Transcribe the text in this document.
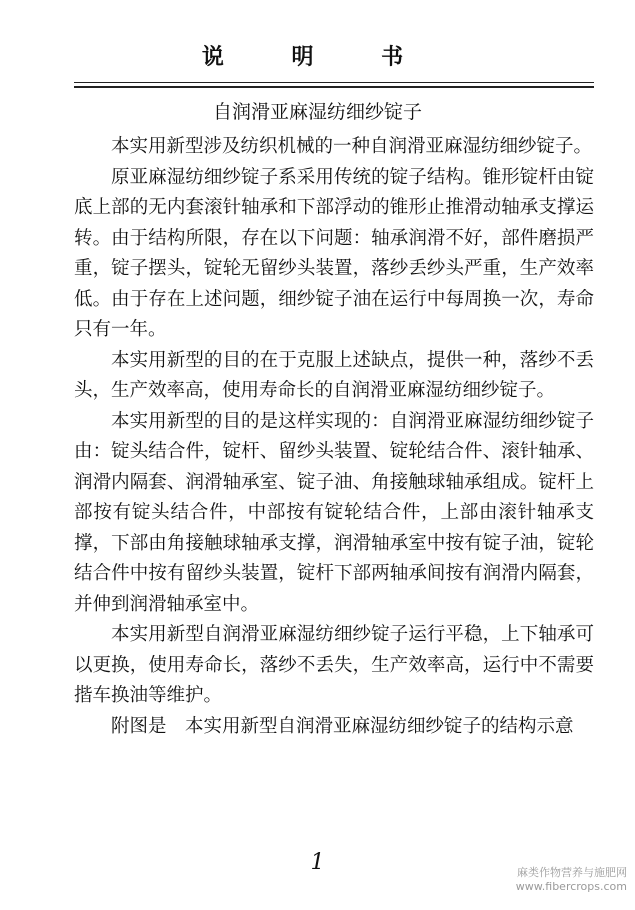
说 明 书
自润滑亚麻湿纺细纱锭子

本实用新型涉及纺织机械的一种自润滑亚麻湿纺细纱锭子。

原亚麻湿纺细纱锭子系采用传统的锭子结构。锥形锭杆由锭底上部的无内套滚针轴承和下部浮动的锥形止推滑动轴承支撑运转。由于结构所限，存在以下问题：轴承润滑不好，部件磨损严重，锭子摆头，锭轮无留纱头装置，落纱丢纱头严重，生产效率低。由于存在上述问题，细纱锭子油在运行中每周换一次，寿命只有一年。

本实用新型的目的在于克服上述缺点，提供一种，落纱不丢头，生产效率高，使用寿命长的自润滑亚麻湿纺细纱锭子。

本实用新型的目的是这样实现的：自润滑亚麻湿纺细纱锭子由：锭头结合件，锭杆、留纱头装置、锭轮结合件、滚针轴承、润滑内隔套、润滑轴承室、锭子油、角接触球轴承组成。锭杆上部按有锭头结合件，中部按有锭轮结合件，上部由滚针轴承支撑，下部由角接触球轴承支撑，润滑轴承室中按有锭子油，锭轮结合件中按有留纱头装置，锭杆下部两轴承间按有润滑内隔套，并伸到润滑轴承室中。

本实用新型自润滑亚麻湿纺细纱锭子运行平稳，上下轴承可以更换，使用寿命长，落纱不丢失，生产效率高，运行中不需要揩车换油等维护。

附图是　本实用新型自润滑亚麻湿纺细纱锭子的结构示意

1	麻类作物营养与施肥网
www.fibercrops.com
